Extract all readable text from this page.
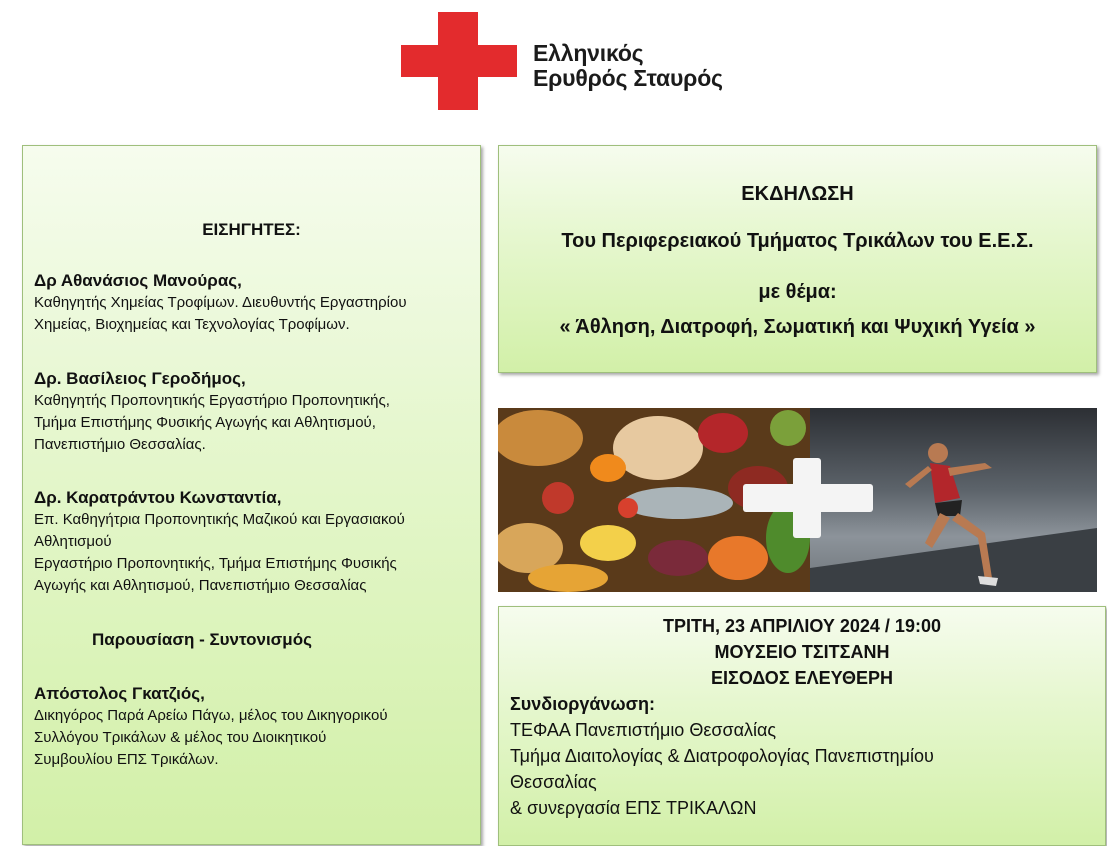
Ελληνικός
Ερυθρός Σταυρός
ΕΙΣΗΓΗΤΕΣ:
Δρ Αθανάσιος Μανούρας,
Καθηγητής Χημείας Τροφίμων. Διευθυντής Εργαστηρίου
Χημείας, Βιοχημείας και Τεχνολογίας Τροφίμων.
Δρ. Βασίλειος Γεροδήμος,
Καθηγητής Προπονητικής Εργαστήριο Προπονητικής,
Τμήμα Επιστήμης Φυσικής Αγωγής και Αθλητισμού,
Πανεπιστήμιο Θεσσαλίας.
Δρ. Καρατράντου Κωνσταντία,
Επ. Καθηγήτρια Προπονητικής Μαζικού και Εργασιακού
Αθλητισμού
Εργαστήριο Προπονητικής, Τμήμα Επιστήμης Φυσικής
Αγωγής και Αθλητισμού, Πανεπιστήμιο Θεσσαλίας
Παρουσίαση - Συντονισμός
Απόστολος Γκατζιός,
Δικηγόρος Παρά Αρείω Πάγω, μέλος του Δικηγορικού
Συλλόγου Τρικάλων & μέλος του Διοικητικού
Συμβουλίου ΕΠΣ Τρικάλων.
ΕΚΔΗΛΩΣΗ
Του Περιφερειακού Τμήματος Τρικάλων του Ε.Ε.Σ.
με θέμα:
« Άθληση, Διατροφή, Σωματική και Ψυχική Υγεία »
ΤΡΙΤΗ, 23 ΑΠΡΙΛΙΟΥ 2024 / 19:00
ΜΟΥΣΕΙΟ ΤΣΙΤΣΑΝΗ
ΕΙΣΟΔΟΣ ΕΛΕΥΘΕΡΗ
Συνδιοργάνωση:
ΤΕΦΑΑ Πανεπιστήμιο Θεσσαλίας
Τμήμα Διαιτολογίας & Διατροφολογίας Πανεπιστημίου
Θεσσαλίας
& συνεργασία ΕΠΣ ΤΡΙΚΑΛΩΝ
